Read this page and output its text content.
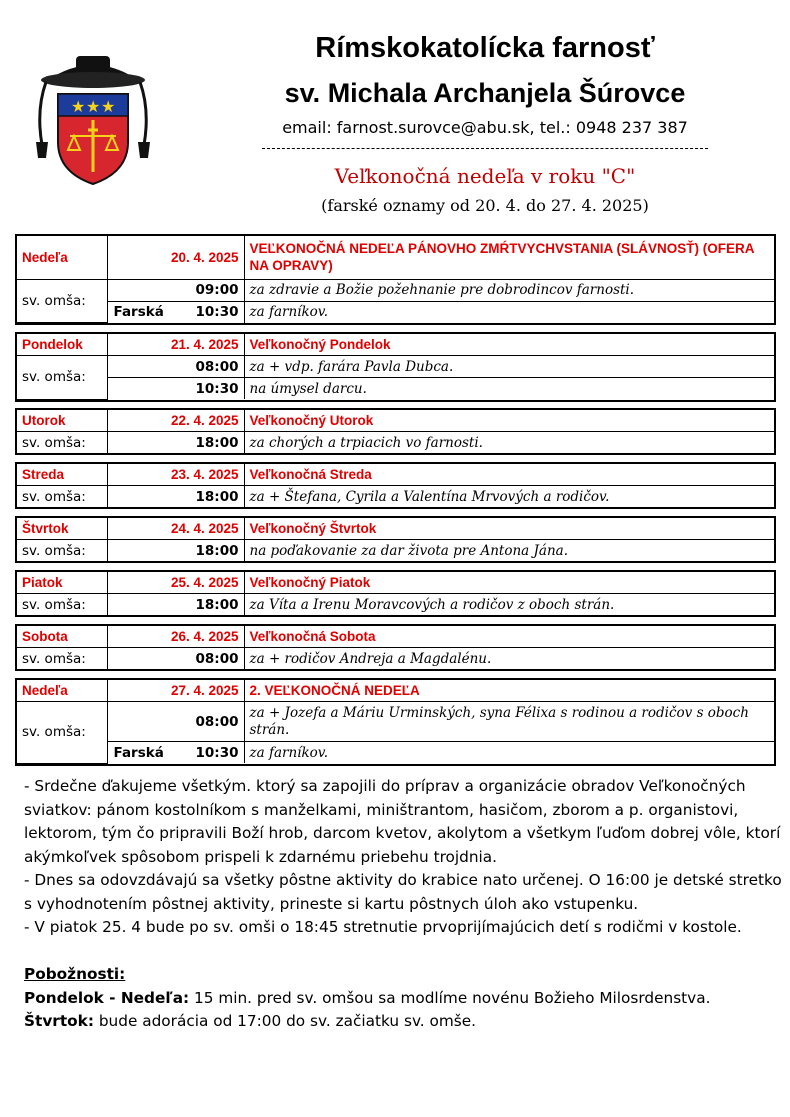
★ ★ ★
Rímskokatolícka farnosť
sv. Michala Archanjela Šúrovce
email: farnost.surovce@abu.sk, tel.: 0948 237 387
Veľkonočná nedeľa v roku "C"
(farské oznamy od 20. 4. do 27. 4. 2025)
Nedeľa	20. 4. 2025	VEĽKONOČNÁ NEDEĽA PÁNOVHO ZMŔTVYCHVSTANIA (SLÁVNOSŤ) (OFERA NA OPRAVY)
sv. omša:	09:00	za zdravie a Božie požehnanie pre dobrodincov farnosti.
	Farská 10:30	za farníkov.
Pondelok	21. 4. 2025	Veľkonočný Pondelok
sv. omša:	08:00	za + vdp. farára Pavla Dubca.
	10:30	na úmysel darcu.
Utorok	22. 4. 2025	Veľkonočný Utorok
sv. omša:	18:00	za chorých a trpiacich vo farnosti.
Streda	23. 4. 2025	Veľkonočná Streda
sv. omša:	18:00	za + Štefana, Cyrila a Valentína Mrvových a rodičov.
Štvrtok	24. 4. 2025	Veľkonočný Štvrtok
sv. omša:	18:00	na poďakovanie za dar života pre Antona Jána.
Piatok	25. 4. 2025	Veľkonočný Piatok
sv. omša:	18:00	za Víta a Irenu Moravcových a rodičov z oboch strán.
Sobota	26. 4. 2025	Veľkonočná Sobota
sv. omša:	08:00	za + rodičov Andreja a Magdalénu.
Nedeľa	27. 4. 2025	2. VEĽKONOČNÁ NEDEĽA
sv. omša:	08:00	za + Jozefa a Máriu Urminských, syna Félixa s rodinou a rodičov s oboch strán.
	Farská 10:30	za farníkov.

- Srdečne ďakujeme všetkým. ktorý sa zapojili do príprav a organizácie obradov Veľkonočných sviatkov: pánom kostolníkom s manželkami, miništrantom, hasičom, zborom a p. organistovi, lektorom, tým čo pripravili Boží hrob, darcom kvetov, akolytom a všetkym ľuďom dobrej vôle, ktorí akýmkoľvek spôsobom prispeli k zdarnému priebehu trojdnia.

- Dnes sa odovzdávajú sa všetky pôstne aktivity do krabice nato určenej. O 16:00 je detské stretko s vyhodnotením pôstnej aktivity, prineste si kartu pôstnych úloh ako vstupenku.

- V piatok 25. 4 bude po sv. omši o 18:45 stretnutie prvoprijímajúcich detí s rodičmi v kostole.

Pobožnosti:

Pondelok - Nedeľa: 15 min. pred sv. omšou sa modlíme novénu Božieho Milosrdenstva.

Štvrtok: bude adorácia od 17:00 do sv. začiatku sv. omše.
